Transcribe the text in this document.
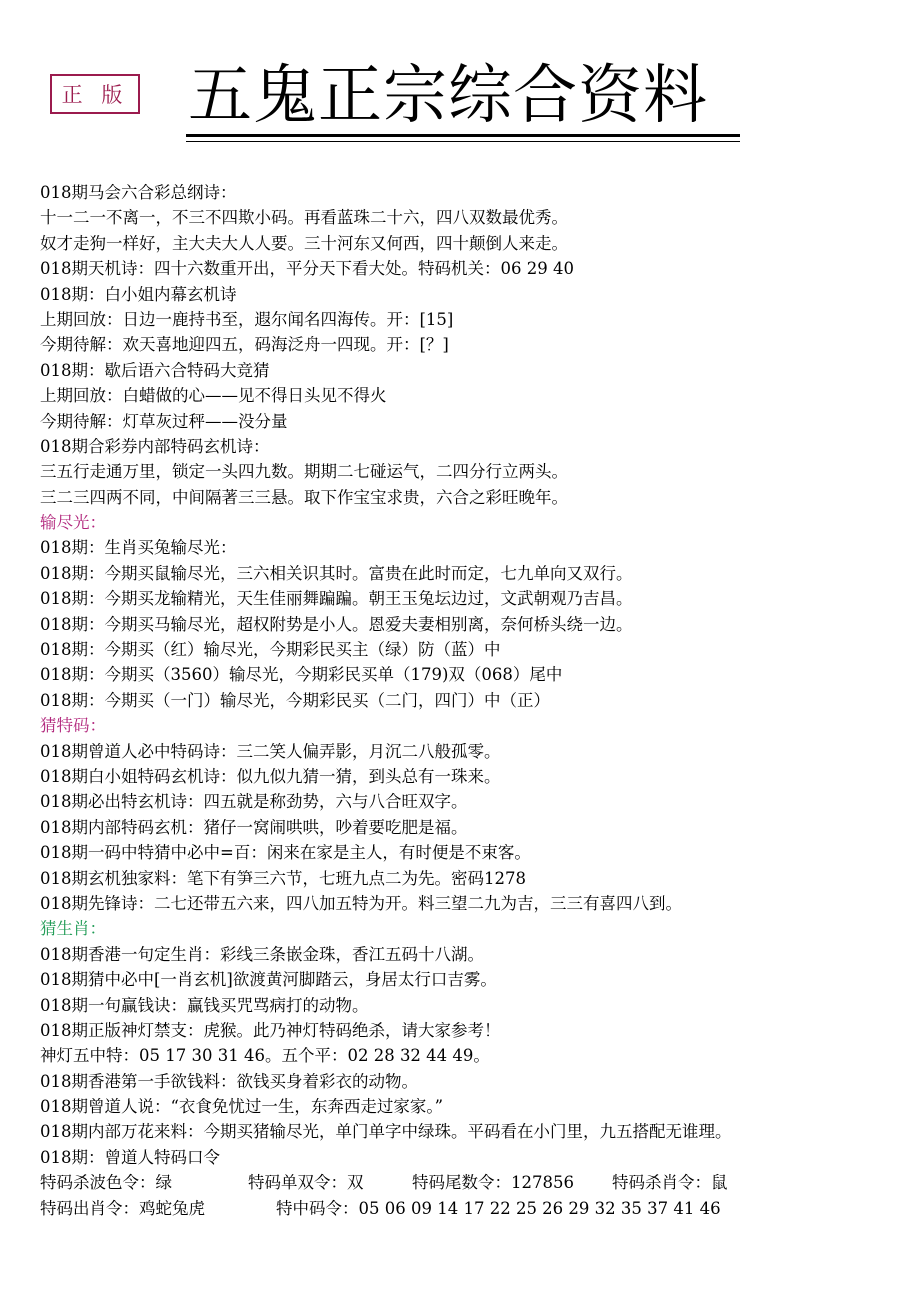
正 版 五鬼正宗综合资料
018期马会六合彩总纲诗：
十一二一不离一，不三不四欺小码。再看蓝珠二十六，四八双数最优秀。
奴才走狗一样好，主大夫大人人要。三十河东又何西，四十颠倒人来走。
018期天机诗：四十六数重开出，平分天下看大处。特码机关：06 29 40
018期：白小姐内幕玄机诗
上期回放：日边一鹿持书至，遐尔闻名四海传。开：[15]
今期待解：欢天喜地迎四五，码海泛舟一四现。开：[？]
018期：歇后语六合特码大竞猜
上期回放：白蜡做的心——见不得日头见不得火
今期待解：灯草灰过秤——没分量
018期合彩券内部特码玄机诗：
三五行走通万里，锁定一头四九数。期期二七碰运气，二四分行立两头。
三二三四两不同，中间隔著三三悬。取下作宝宝求贵，六合之彩旺晚年。
输尽光：
018期：生肖买兔输尽光：
018期：今期买鼠输尽光，三六相关识其时。富贵在此时而定，七九单向又双行。
018期：今期买龙输精光，天生佳丽舞蹁蹁。朝王玉兔坛边过，文武朝观乃吉昌。
018期：今期买马输尽光，超权附势是小人。恩爱夫妻相别离，奈何桥头绕一边。
018期：今期买（红）输尽光，今期彩民买主（绿）防（蓝）中
018期：今期买（3560）输尽光，今期彩民买单（179)双（068）尾中
018期：今期买（一门）输尽光，今期彩民买（二门，四门）中（正）
猜特码：
018期曾道人必中特码诗：三二笑人偏弄影，月沉二八般孤零。
018期白小姐特码玄机诗：似九似九猜一猜，到头总有一珠来。
018期必出特玄机诗：四五就是称劲势，六与八合旺双字。
018期内部特码玄机：猪仔一窝闹哄哄，吵着要吃肥是福。
018期一码中特猜中必中=百：闲来在家是主人，有时便是不束客。
018期玄机独家料：笔下有笋三六节，七班九点二为先。密码1278
018期先锋诗：二七还带五六来，四八加五特为开。料三望二九为吉，三三有喜四八到。
猜生肖：
018期香港一句定生肖：彩线三条嵌金珠，香江五码十八湖。
018期猜中必中[一肖玄机]欲渡黄河脚踏云，身居太行口吉雾。
018期一句赢钱诀：赢钱买咒骂病打的动物。
018期正版神灯禁支：虎猴。此乃神灯特码绝杀，请大家参考！
神灯五中特：05 17 30 31 46。五个平：02 28 32 44 49。
018期香港第一手欲钱料：欲钱买身着彩衣的动物。
018期曾道人说：“衣食免忧过一生，东奔西走过家家。”
018期内部万花来料：今期买猪输尽光，单门单字中绿珠。平码看在小门里，九五搭配无谁理。
018期：曾道人特码口令
特码杀波色令：绿	特码单双令：双	特码尾数令：127856	特码杀肖令：鼠
特码出肖令：鸡蛇兔虎	特中码令：05 06 09 14 17 22 25 26 29 32 35 37 41 46
